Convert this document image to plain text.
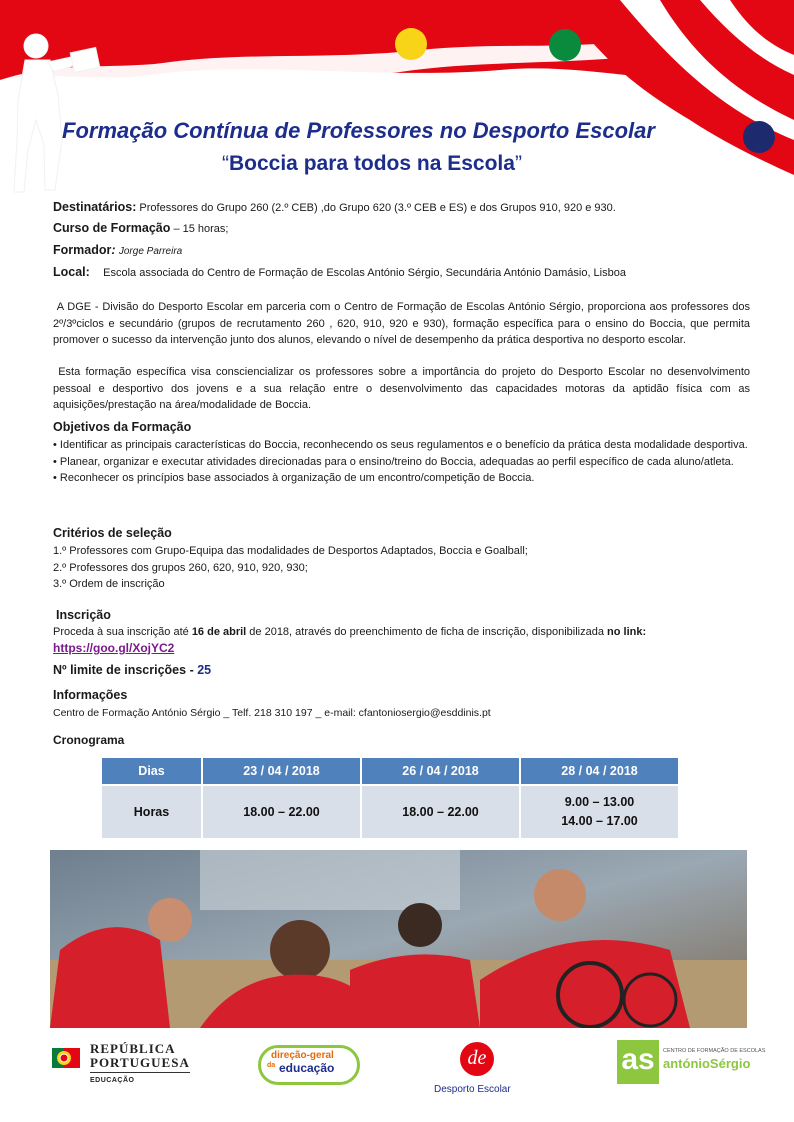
Formação Contínua de Professores no Desporto Escolar
“Boccia para todos na Escola”
Destinatários: Professores do Grupo 260 (2.º CEB) ,do Grupo 620 (3.º CEB e ES) e dos Grupos 910, 920 e 930.
Curso de Formação – 15 horas;
Formador: Jorge Parreira
Local: Escola associada do Centro de Formação de Escolas António Sérgio, Secundária António Damásio, Lisboa
A DGE - Divisão do Desporto Escolar em parceria com o Centro de Formação de Escolas António Sérgio, proporciona aos professores dos 2º/3ºciclos e secundário (grupos de recrutamento 260 , 620, 910, 920 e 930), formação específica para o ensino do Boccia, que permita promover o sucesso da intervenção junto dos alunos, elevando o nível de desempenho da prática desportiva no desporto escolar.
Esta formação específica visa consciencializar os professores sobre a importância do projeto do Desporto Escolar no desenvolvimento pessoal e desportivo dos jovens e a sua relação entre o desenvolvimento das capacidades motoras da aptidão física com as aquisições/prestação na área/modalidade de Boccia.
Objetivos da Formação
• Identificar as principais características do Boccia, reconhecendo os seus regulamentos e o benefício da prática desta modalidade desportiva.
• Planear, organizar e executar atividades direcionadas para o ensino/treino do Boccia, adequadas ao perfil específico de cada aluno/atleta.
• Reconhecer os princípios base associados à organização de um encontro/competição de Boccia.
Critérios de seleção
1.º Professores com Grupo-Equipa das modalidades de Desportos Adaptados, Boccia e Goalball;
2.º Professores dos grupos 260, 620, 910, 920, 930;
3.º Ordem de inscrição
Inscrição
Proceda à sua inscrição até 16 de abril de 2018, através do preenchimento de ficha de inscrição, disponibilizada no link:
https://goo.gl/XojYC2
Nº limite de inscrições - 25
Informações
Centro de Formação António Sérgio _ Telf. 218 310 197 _ e-mail: cfantoniosergio@esddinis.pt
Cronograma
Dias	23 / 04 / 2018	26 / 04 / 2018	28 / 04 / 2018
Horas	18.00 – 22.00	18.00 – 22.00	9.00 – 13.00
14.00 – 17.00
REPÚBLICA
PORTUGUESA
EDUCAÇÃO
direção-geral
da educação	de
Desporto Escolar
as	CENTRO DE FORMAÇÃO DE ESCOLAS
antónioSérgio
